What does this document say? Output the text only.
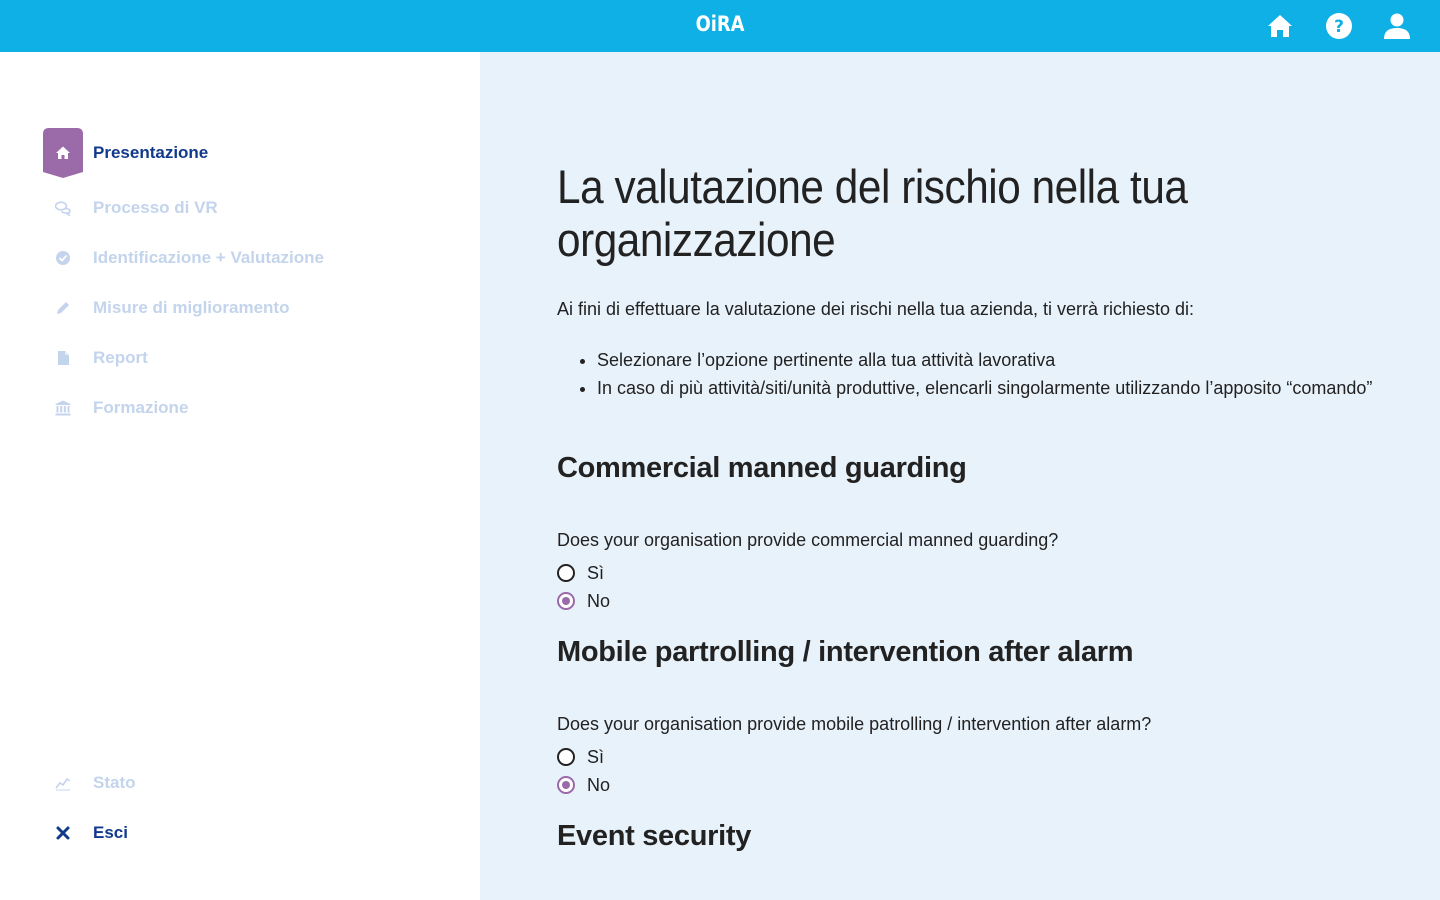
OiRA	?
Presentazione
Processo di VR
Identificazione + Valutazione
Misure di miglioramento
Report
Formazione
Stato
Esci
La valutazione del rischio nella tua organizzazione

Ai fini di effettuare la valutazione dei rischi nella tua azienda, ti verrà richiesto di:

• Selezionare l’opzione pertinente alla tua attività lavorativa
• In caso di più attività/siti/unità produttive, elencarli singolarmente utilizzando l’apposito “comando”
Commercial manned guarding

Does your organisation provide commercial manned guarding?

Sì
No
Mobile partrolling / intervention after alarm

Does your organisation provide mobile patrolling / intervention after alarm?

Sì
No
Event security
